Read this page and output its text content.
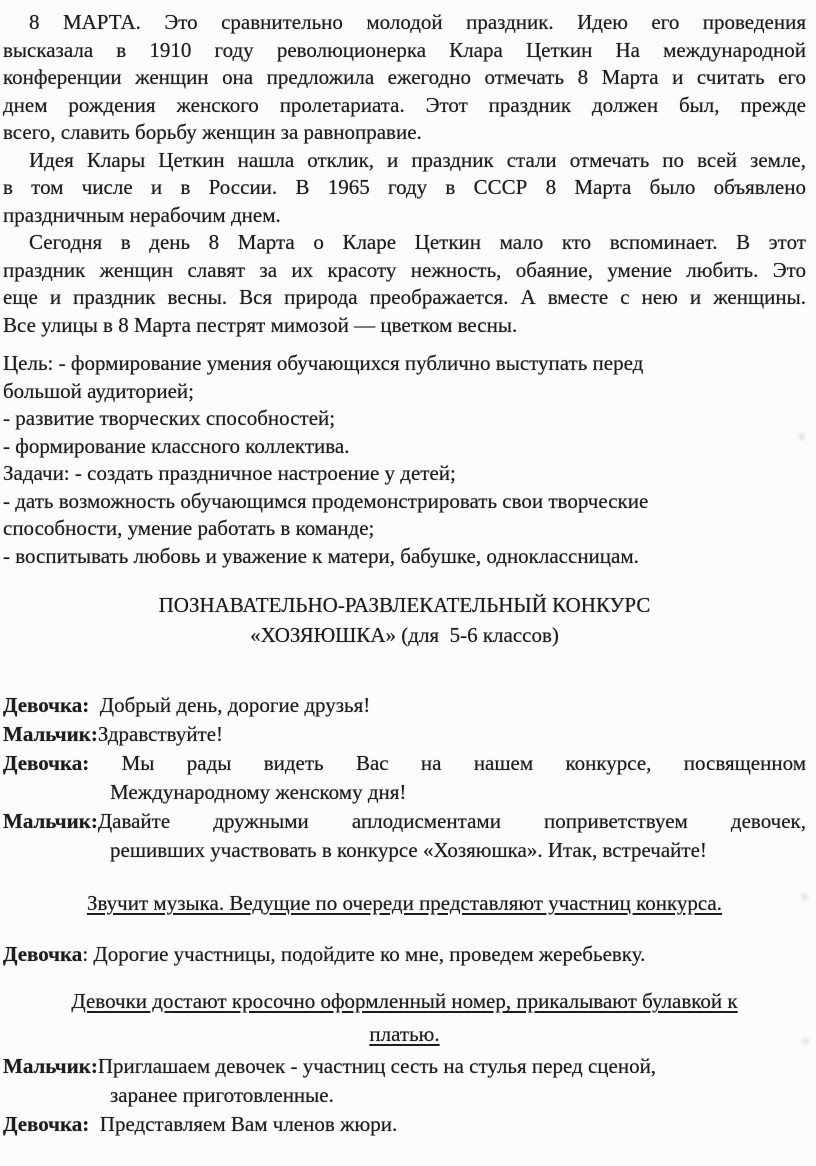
8 МАРТА. Это сравнительно молодой праздник. Идею его проведения
высказала в 1910 году революционерка Клара Цеткин На международной
конференции женщин она предложила ежегодно отмечать 8 Марта и считать его
днем рождения женского пролетариата. Этот праздник должен был, прежде
всего, славить борьбу женщин за равноправие.
Идея Клары Цеткин нашла отклик, и праздник стали отмечать по всей земле,
в том числе и в России. В 1965 году в СССР 8 Марта было объявлено
праздничным нерабочим днем.
Сегодня в день 8 Марта о Кларе Цеткин мало кто вспоминает. В этот
праздник женщин славят за их красоту нежность, обаяние, умение любить. Это
еще и праздник весны. Вся природа преображается. А вместе с нею и женщины.
Все улицы в 8 Марта пестрят мимозой — цветком весны.
Цель: - формирование умения обучающихся публично выступать перед
большой аудиторией;
- развитие творческих способностей;
- формирование классного коллектива.
Задачи: - создать праздничное настроение у детей;
- дать возможность обучающимся продемонстрировать свои творческие
способности, умение работать в команде;
- воспитывать любовь и уважение к матери, бабушке, одноклассницам.
ПОЗНАВАТЕЛЬНО-РАЗВЛЕКАТЕЛЬНЫЙ КОНКУРС
«ХОЗЯЮШКА» (для  5-6 классов)
Девочка:  Добрый день, дорогие друзья!
Мальчик:Здравствуйте!
Девочка: Мы рады видеть Вас на нашем конкурсе, посвященном
Международному женскому дня!
Мальчик:Давайте дружными аплодисментами поприветствуем девочек,
решивших участвовать в конкурсе «Хозяюшка». Итак, встречайте!
Звучит музыка. Ведущие по очереди представляют участниц конкурса.
Девочка: Дорогие участницы, подойдите ко мне, проведем жеребьевку.
Девочки достают кросочно оформленный номер, прикалывают булавкой к
платью.
Мальчик:Приглашаем девочек - участниц сесть на стулья перед сценой,
заранее приготовленные.
Девочка:  Представляем Вам членов жюри.
